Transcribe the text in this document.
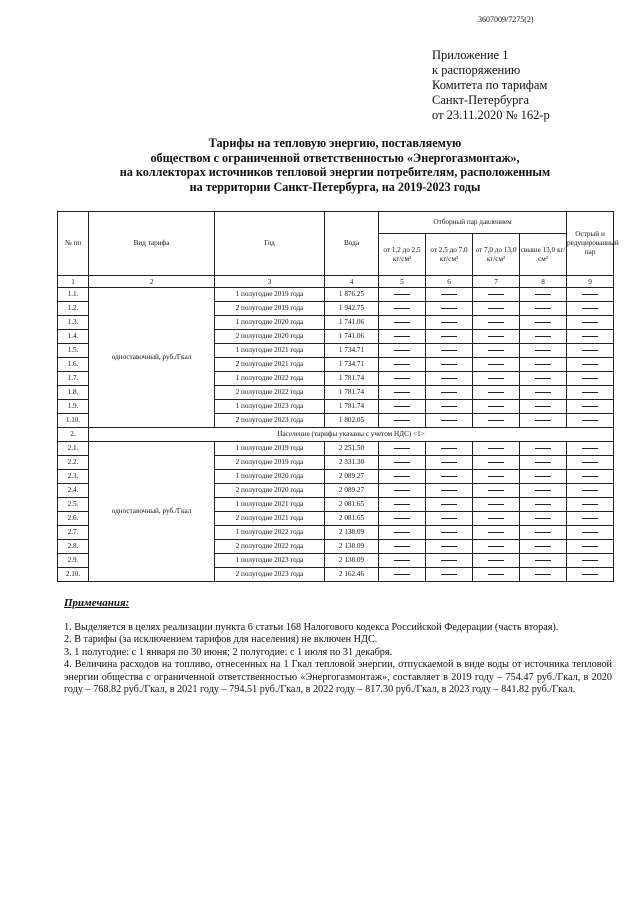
3607009/7275(2)
Приложение 1
к распоряжению
Комитета по тарифам
Санкт-Петербурга
от 23.11.2020 № 162-р
Тарифы на тепловую энергию, поставляемую
обществом с ограниченной ответственностью «Энергогазмонтаж»,
на коллекторах источников тепловой энергии потребителям, расположенным
на территории Санкт-Петербурга, на 2019-2023 годы
№ пп	Вид тарифа	Год	Вода	Отборный пар давлением				Острый и редуцированный пар
				от 1,2 до 2,5 кг/см²	от 2,5 до 7,0 кг/см²	от 7,0 до 13,0 кг/см²	свыше 13,0 кг/см²	
1	2	3	4	5	6	7	8	9
1.1.	одноставочный, руб./Гкал	1 полугодие 2019 года	1 876.25					
1.2.		2 полугодие 2019 года	1 942.75					
1.3.		1 полугодие 2020 года	1 741.06					
1.4.		2 полугодие 2020 года	1 741.06					
1.5.		1 полугодие 2021 года	1 734.71					
1.6.		2 полугодие 2021 года	1 734.71					
1.7.		1 полугодие 2022 года	1 781.74					
1.8.		2 полугодие 2022 года	1 781.74					
1.9.		1 полугодие 2023 года	1 781.74					
1.10.		2 полугодие 2023 года	1 802.05					
2.	Население (тарифы указаны с учетом НДС) <1>							
2.1.	одноставочный, руб./Гкал	1 полугодие 2019 года	2 251.50					
2.2.		2 полугодие 2019 года	2 331.30					
2.3.		1 полугодие 2020 года	2 089.27					
2.4.		2 полугодие 2020 года	2 089.27					
2.5.		1 полугодие 2021 года	2 081.65					
2.6.		2 полугодие 2021 года	2 081.65					
2.7.		1 полугодие 2022 года	2 138.09					
2.8.		2 полугодие 2022 года	2 138.09					
2.9.		1 полугодие 2023 года	2 138.09					
2.10.		2 полугодие 2023 года	2 162.46					
Примечания:
1. Выделяется в целях реализации пункта 6 статьи 168 Налогового кодекса Российской Федерации (часть вторая).
2. В тарифы (за исключением тарифов для населения) не включен НДС.
3. 1 полугодие: с 1 января по 30 июня; 2 полугодие: с 1 июля по 31 декабря.
4. Величина расходов на топливо, отнесенных на 1 Гкал тепловой энергии, отпускаемой в виде воды от источника тепловой энергии общества с ограниченной ответственностью «Энергогазмонтаж», составляет в 2019 году – 754.47 руб./Гкал, в 2020 году – 768.82 руб./Гкал, в 2021 году – 794.51 руб./Гкал, в 2022 году – 817.30 руб./Гкал, в 2023 году – 841.82 руб./Гкал.
